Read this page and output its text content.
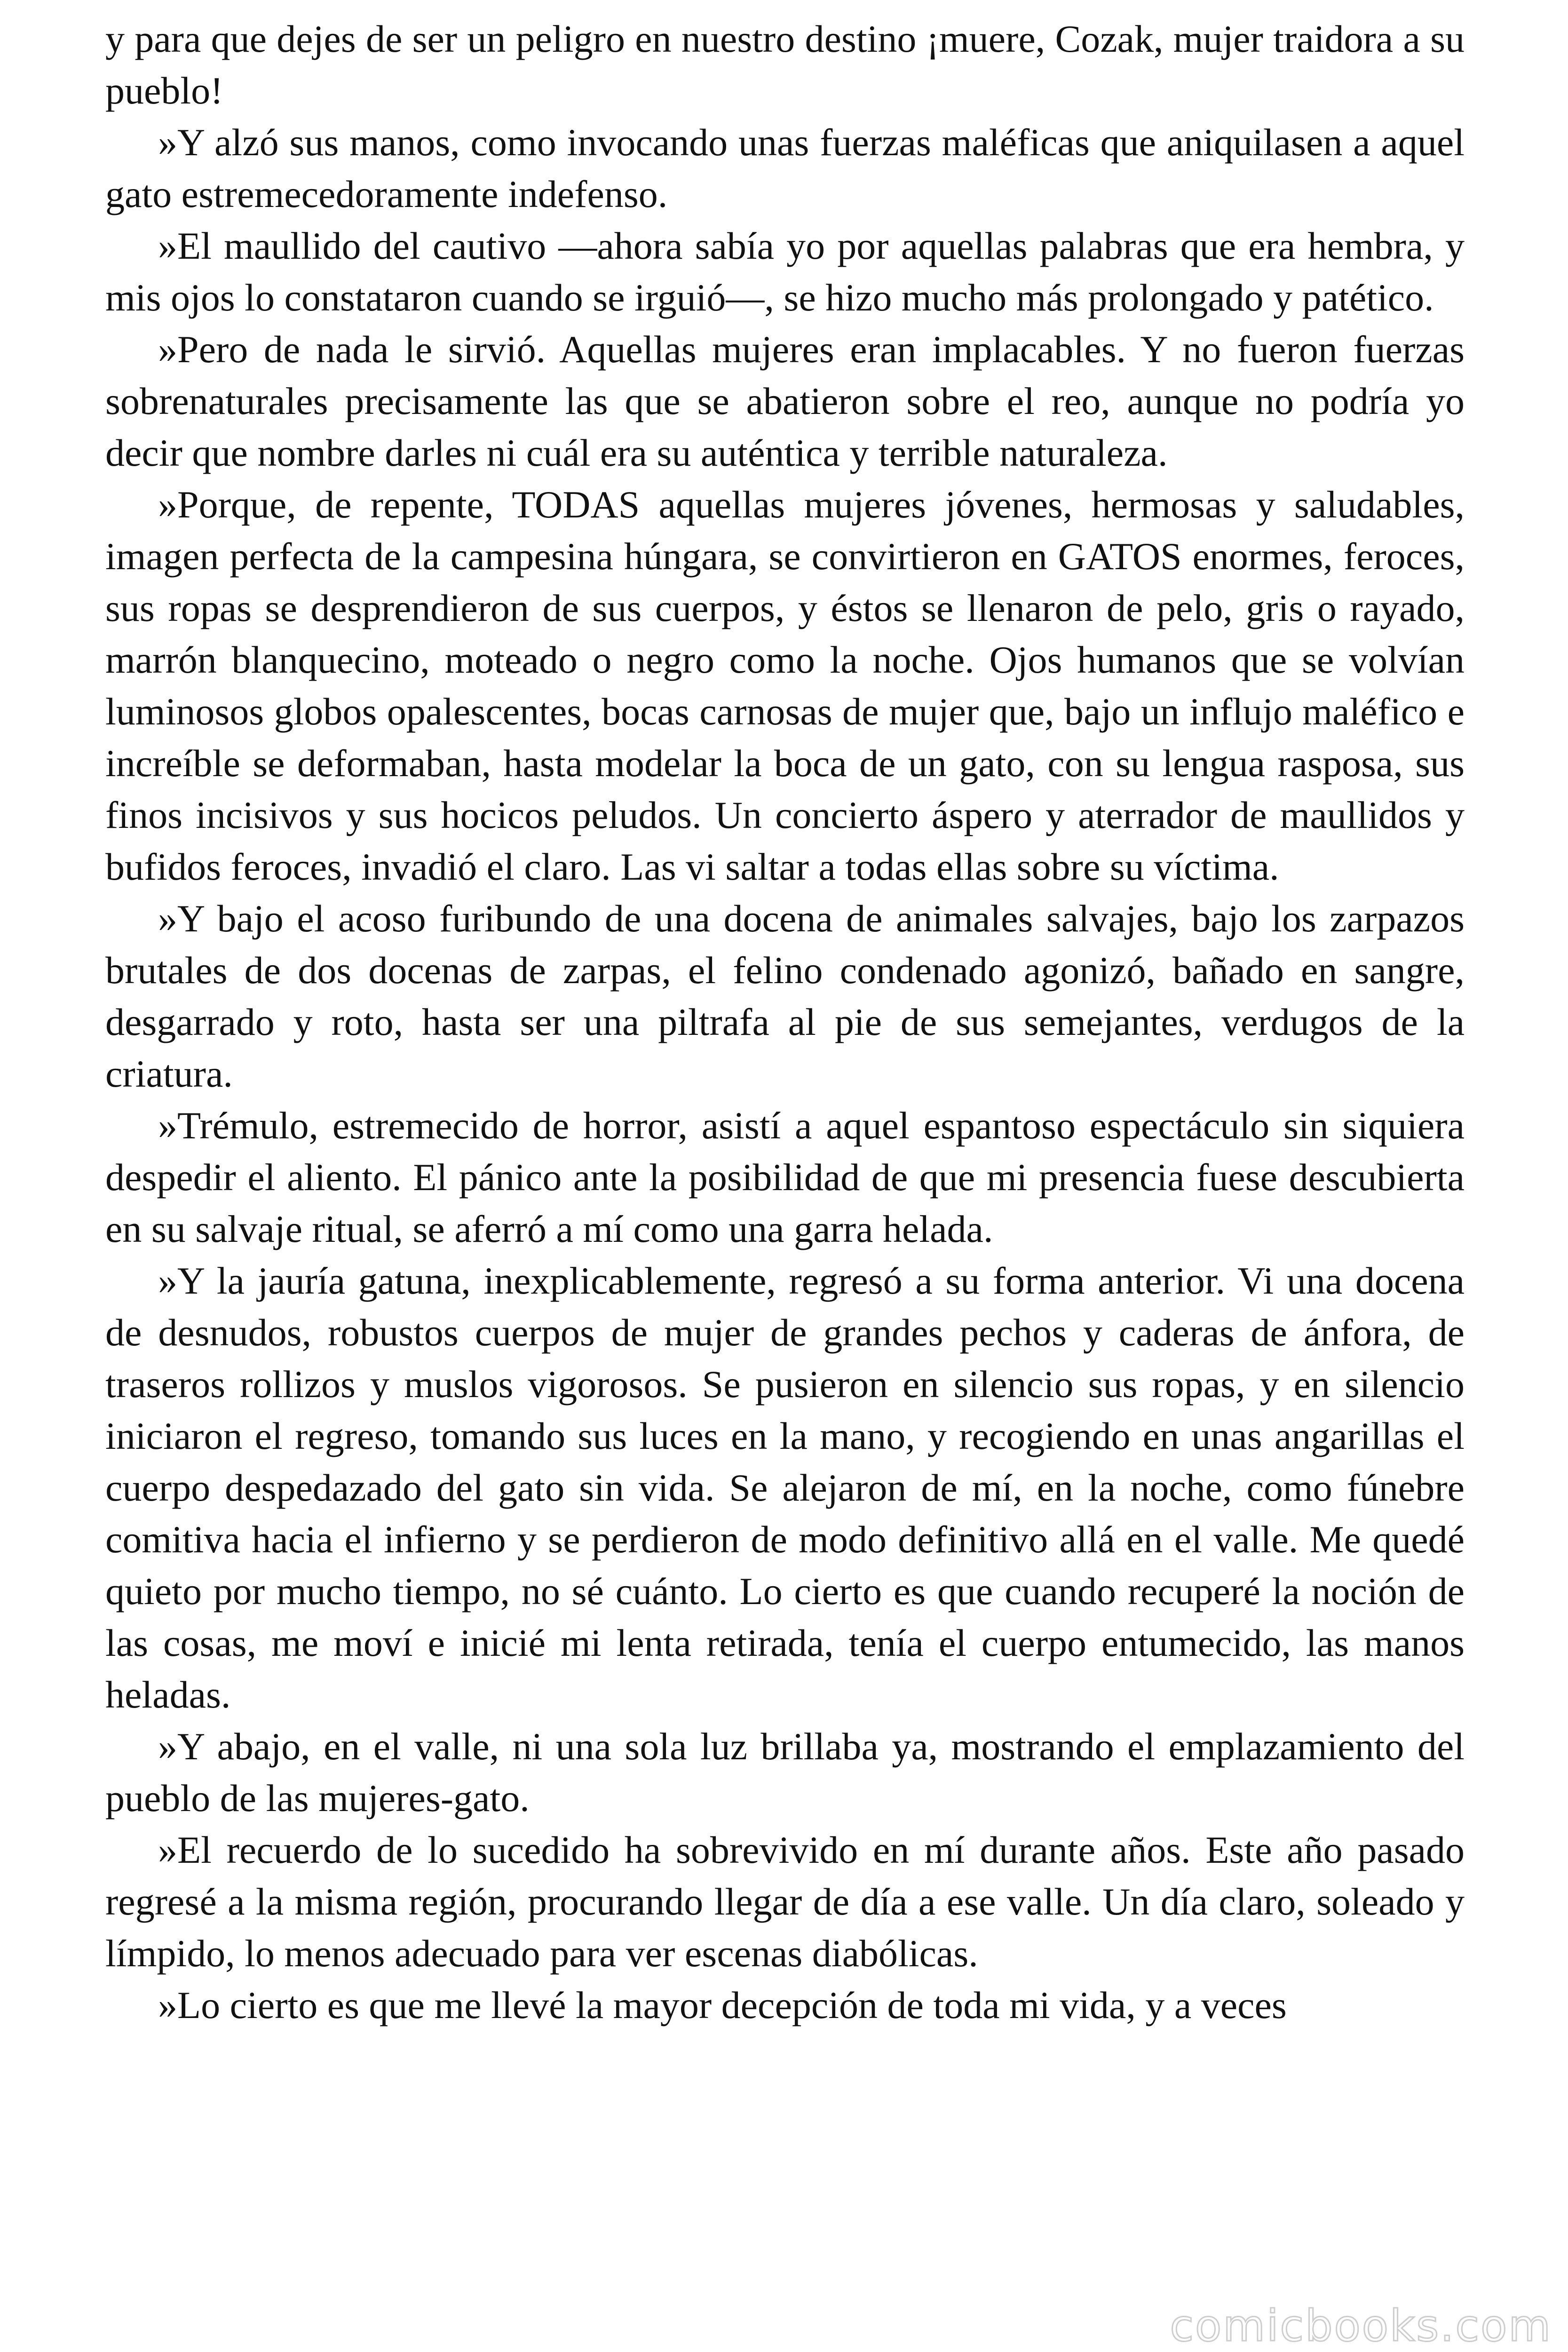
y para que dejes de ser un peligro en nuestro destino ¡muere, Cozak, mujer traidora a su pueblo!

»Y alzó sus manos, como invocando unas fuerzas maléficas que aniquilasen a aquel gato estremecedoramente indefenso.

»El maullido del cautivo —ahora sabía yo por aquellas palabras que era hembra, y mis ojos lo constataron cuando se irguió—, se hizo mucho más prolongado y patético.

»Pero de nada le sirvió. Aquellas mujeres eran implacables. Y no fueron fuerzas sobrenaturales precisamente las que se abatieron sobre el reo, aunque no podría yo decir que nombre darles ni cuál era su auténtica y terrible naturaleza.

»Porque, de repente, TODAS aquellas mujeres jóvenes, hermosas y saludables, imagen perfecta de la campesina húngara, se convirtieron en GATOS enormes, feroces, sus ropas se desprendieron de sus cuerpos, y éstos se llenaron de pelo, gris o rayado, marrón blanquecino, moteado o negro como la noche. Ojos humanos que se volvían luminosos globos opalescentes, bocas carnosas de mujer que, bajo un influjo maléfico e increíble se deformaban, hasta modelar la boca de un gato, con su lengua rasposa, sus finos incisivos y sus hocicos peludos. Un concierto áspero y aterrador de maullidos y bufidos feroces, invadió el claro. Las vi saltar a todas ellas sobre su víctima.

»Y bajo el acoso furibundo de una docena de animales salvajes, bajo los zarpazos brutales de dos docenas de zarpas, el felino condenado agonizó, bañado en sangre, desgarrado y roto, hasta ser una piltrafa al pie de sus semejantes, verdugos de la criatura.

»Trémulo, estremecido de horror, asistí a aquel espantoso espectáculo sin siquiera despedir el aliento. El pánico ante la posibilidad de que mi presencia fuese descubierta en su salvaje ritual, se aferró a mí como una garra helada.

»Y la jauría gatuna, inexplicablemente, regresó a su forma anterior. Vi una docena de desnudos, robustos cuerpos de mujer de grandes pechos y caderas de ánfora, de traseros rollizos y muslos vigorosos. Se pusieron en silencio sus ropas, y en silencio iniciaron el regreso, tomando sus luces en la mano, y recogiendo en unas angarillas el cuerpo despedazado del gato sin vida. Se alejaron de mí, en la noche, como fúnebre comitiva hacia el infierno y se perdieron de modo definitivo allá en el valle. Me quedé quieto por mucho tiempo, no sé cuánto. Lo cierto es que cuando recuperé la noción de las cosas, me moví e inicié mi lenta retirada, tenía el cuerpo entumecido, las manos heladas.

»Y abajo, en el valle, ni una sola luz brillaba ya, mostrando el emplazamiento del pueblo de las mujeres-gato.

»El recuerdo de lo sucedido ha sobrevivido en mí durante años. Este año pasado regresé a la misma región, procurando llegar de día a ese valle. Un día claro, soleado y límpido, lo menos adecuado para ver escenas diabólicas.

»Lo cierto es que me llevé la mayor decepción de toda mi vida, y a veces

comicbooks.com
